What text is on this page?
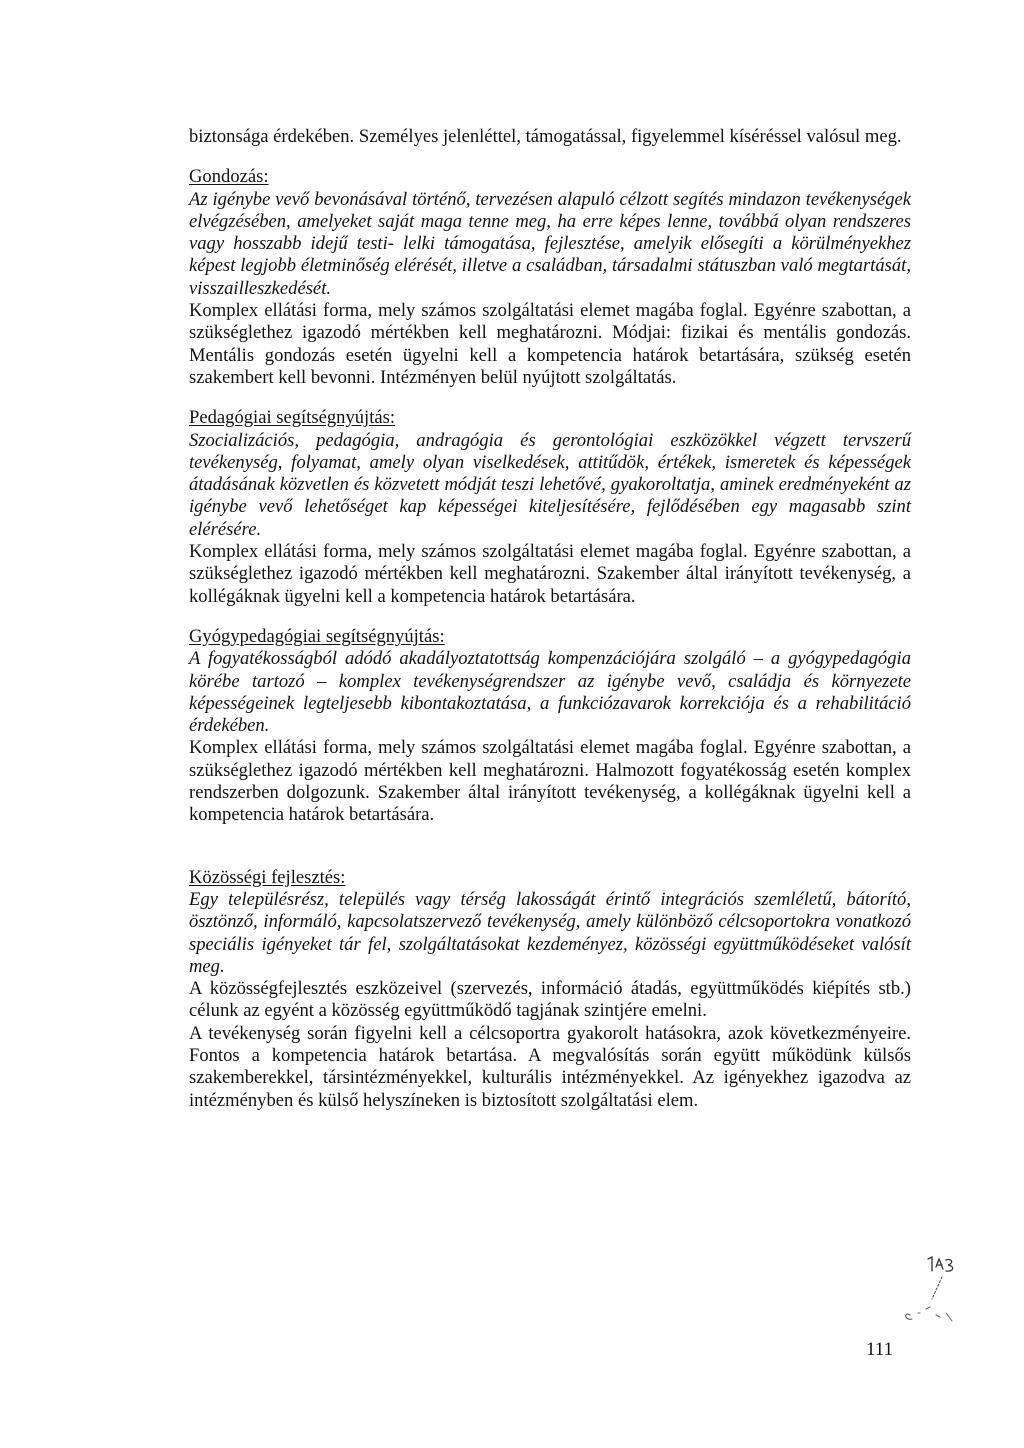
biztonsága érdekében. Személyes jelenléttel, támogatással, figyelemmel kíséréssel valósul meg.

Gondozás:

Az igénybe vevő bevonásával történő, tervezésen alapuló célzott segítés mindazon tevékenységek elvégzésében, amelyeket saját maga tenne meg, ha erre képes lenne, továbbá olyan rendszeres vagy hosszabb idejű testi- lelki támogatása, fejlesztése, amelyik elősegíti a körülményekhez képest legjobb életminőség elérését, illetve a családban, társadalmi státuszban való megtartását, visszailleszkedését.

Komplex ellátási forma, mely számos szolgáltatási elemet magába foglal. Egyénre szabottan, a szükséglethez igazodó mértékben kell meghatározni. Módjai: fizikai és mentális gondozás. Mentális gondozás esetén ügyelni kell a kompetencia határok betartására, szükség esetén szakembert kell bevonni. Intézményen belül nyújtott szolgáltatás.

Pedagógiai segítségnyújtás:

Szocializációs, pedagógia, andragógia és gerontológiai eszközökkel végzett tervszerű tevékenység, folyamat, amely olyan viselkedések, attitűdök, értékek, ismeretek és képességek átadásának közvetlen és közvetett módját teszi lehetővé, gyakoroltatja, aminek eredményeként az igénybe vevő lehetőséget kap képességei kiteljesítésére, fejlődésében egy magasabb szint elérésére.

Komplex ellátási forma, mely számos szolgáltatási elemet magába foglal. Egyénre szabottan, a szükséglethez igazodó mértékben kell meghatározni. Szakember által irányított tevékenység, a kollégáknak ügyelni kell a kompetencia határok betartására.

Gyógypedagógiai segítségnyújtás:

A fogyatékosságból adódó akadályoztatottság kompenzációjára szolgáló – a gyógypedagógia körébe tartozó – komplex tevékenységrendszer az igénybe vevő, családja és környezete képességeinek legteljesebb kibontakoztatása, a funkciózavarok korrekciója és a rehabilitáció érdekében.

Komplex ellátási forma, mely számos szolgáltatási elemet magába foglal. Egyénre szabottan, a szükséglethez igazodó mértékben kell meghatározni. Halmozott fogyatékosság esetén komplex rendszerben dolgozunk. Szakember által irányított tevékenység, a kollégáknak ügyelni kell a kompetencia határok betartására.

Közösségi fejlesztés:

Egy településrész, település vagy térség lakosságát érintő integrációs szemléletű, bátorító, ösztönző, informáló, kapcsolatszervező tevékenység, amely különböző célcsoportokra vonatkozó speciális igényeket tár fel, szolgáltatásokat kezdeményez, közösségi együttműködéseket valósít meg.

A közösségfejlesztés eszközeivel (szervezés, információ átadás, együttműködés kiépítés stb.) célunk az egyént a közösség együttműködő tagjának szintjére emelni.

A tevékenység során figyelni kell a célcsoportra gyakorolt hatásokra, azok következményeire. Fontos a kompetencia határok betartása. A megvalósítás során együtt működünk külsős szakemberekkel, társintézményekkel, kulturális intézményekkel. Az igényekhez igazodva az intézményben és külső helyszíneken is biztosított szolgáltatási elem.

111
